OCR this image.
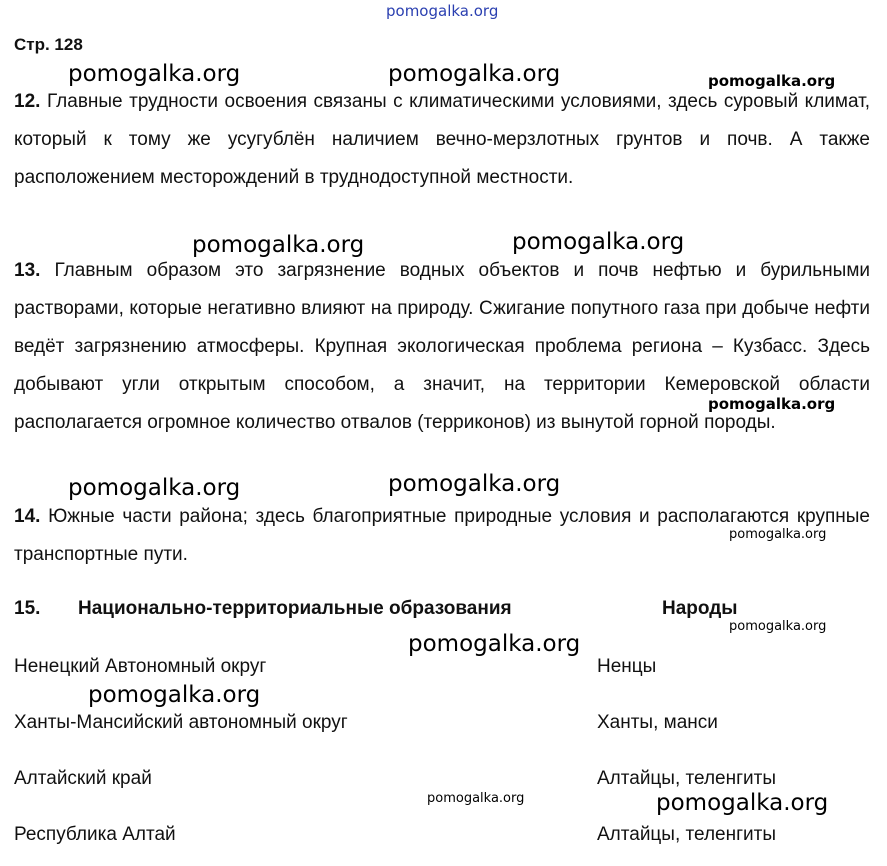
pomogalka.org
Стр. 128
12. Главные трудности освоения связаны с климатическими условиями, здесь суровый климат, который к тому же усугублён наличием вечно-мерзлотных грунтов и почв. А также расположением месторождений в труднодоступной местности.
13. Главным образом это загрязнение водных объектов и почв нефтью и бурильными растворами, которые негативно влияют на природу. Сжигание попутного газа при добыче нефти ведёт загрязнению атмосферы. Крупная экологическая проблема региона – Кузбасс. Здесь добывают угли открытым способом, а значит, на территории Кемеровской области располагается огромное количество отвалов (терриконов) из вынутой горной породы.
14. Южные части района; здесь благоприятные природные условия и располагаются крупные транспортные пути.
15. Национально-территориальные образования	Народы
Ненецкий Автономный округ	Ненцы
Ханты-Мансийский автономный округ	Ханты, манси
Алтайский край	Алтайцы, теленгиты
Республика Алтай	Алтайцы, теленгиты
pomogalka.org	pomogalka.org	pomogalka.org
pomogalka.org	pomogalka.org
pomogalka.org
pomogalka.org	pomogalka.org
pomogalka.org
pomogalka.org
pomogalka.org
pomogalka.org
pomogalka.org	pomogalka.org
